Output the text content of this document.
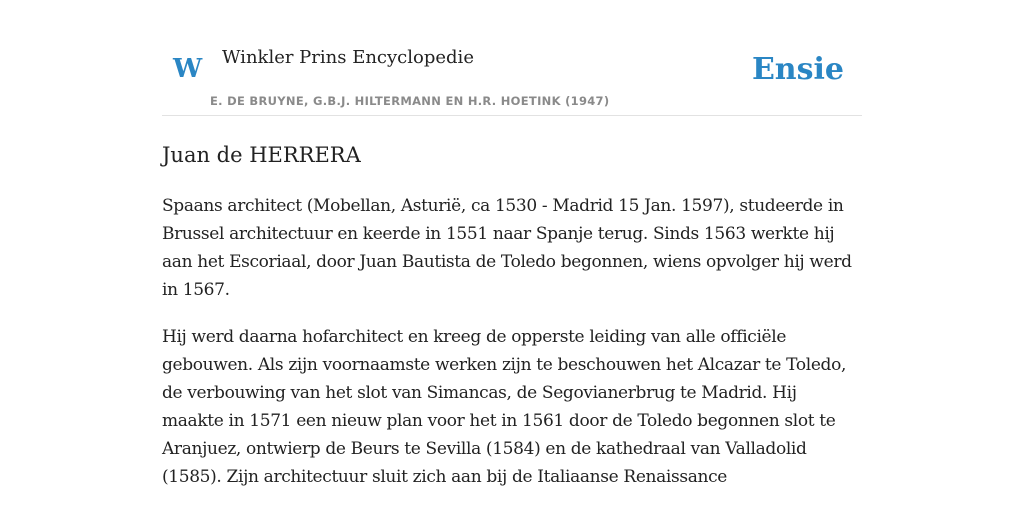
W Winkler Prins Encyclopedie
E. DE BRUYNE, G.B.J. HILTERMANN EN H.R. HOETINK (1947)
Ensie
Juan de HERRERA

Spaans architect (Mobellan, Asturië, ca 1530 - Madrid 15 Jan. 1597), studeerde in Brussel architectuur en keerde in 1551 naar Spanje terug. Sinds 1563 werkte hij aan het Escoriaal, door Juan Bautista de Toledo begonnen, wiens opvolger hij werd in 1567.

Hij werd daarna hofarchitect en kreeg de opperste leiding van alle officiële gebouwen. Als zijn voornaamste werken zijn te beschouwen het Alcazar te Toledo, de verbouwing van het slot van Simancas, de Segovianerbrug te Madrid. Hij maakte in 1571 een nieuw plan voor het in 1561 door de Toledo begonnen slot te Aranjuez, ontwierp de Beurs te Sevilla (1584) en de kathedraal van Valladolid (1585). Zijn architectuur sluit zich aan bij de Italiaanse Renaissance
